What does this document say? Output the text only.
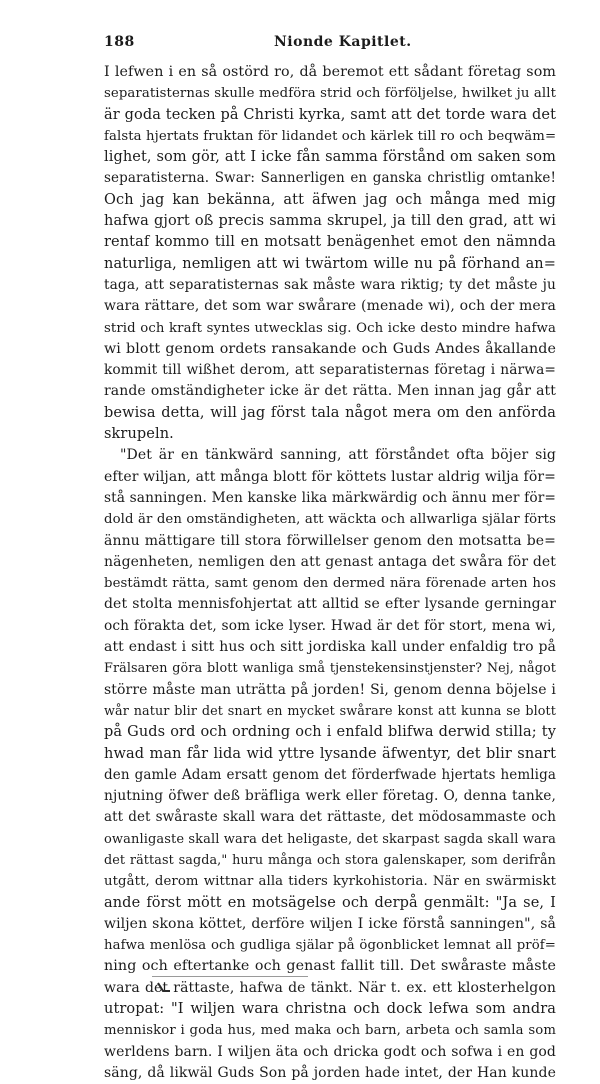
188	Nionde Kapitlet.
I lefwen i en så ostörd ro, då beremot ett sådant företag som
separatisternas skulle medföra strid och förföljelse, hwilket ju allt
är goda tecken på Christi kyrka, samt att det torde wara det
falsta hjertats fruktan för lidandet och kärlek till ro och beqwäm=
lighet, som gör, att I icke fån samma förstånd om saken som
separatisterna. Swar: Sannerligen en ganska christlig omtanke!
Och jag kan bekänna, att äfwen jag och många med mig
hafwa gjort oß precis samma skrupel, ja till den grad, att wi
rentaf kommo till en motsatt benägenhet emot den nämnda
naturliga, nemligen att wi twärtom wille nu på förhand an=
taga, att separatisternas sak måste wara riktig; ty det måste ju
wara rättare, det som war swårare (menade wi), och der mera
strid och kraft syntes utwecklas sig. Och icke desto mindre hafwa
wi blott genom ordets ransakande och Guds Andes åkallande
kommit till wißhet derom, att separatisternas företag i närwa=
rande omständigheter icke är det rätta. Men innan jag går att
bewisa detta, will jag först tala något mera om den anförda
skrupeln.
"Det är en tänkwärd sanning, att förståndet ofta böjer sig
efter wiljan, att många blott för köttets lustar aldrig wilja för=
stå sanningen. Men kanske lika märkwärdig och ännu mer för=
dold är den omständigheten, att wäckta och allwarliga själar förts
ännu mättigare till stora förwillelser genom den motsatta be=
nägenheten, nemligen den att genast antaga det swåra för det
bestämdt rätta, samt genom den dermed nära förenade arten hos
det stolta mennisfohjertat att alltid se efter lysande gerningar
och förakta det, som icke lyser. Hwad är det för stort, mena wi,
att endast i sitt hus och sitt jordiska kall under enfaldig tro på
Frälsaren göra blott wanliga små tjenstekensinstjenster? Nej, något
större måste man uträtta på jorden! Si, genom denna böjelse i
wår natur blir det snart en mycket swårare konst att kunna se blott
på Guds ord och ordning och i enfald blifwa derwid stilla; ty
hwad man får lida wid yttre lysande äfwentyr, det blir snart
den gamle Adam ersatt genom det förderfwade hjertats hemliga
njutning öfwer deß bräfliga werk eller företag. O, denna tanke,
att det swåraste skall wara det rättaste, det mödosammaste och
owanligaste skall wara det heligaste, det skarpast sagda skall wara
det rättast sagda," huru många och stora galenskaper, som derifrån
utgått, derom wittnar alla tiders kyrkohistoria. När en swärmiskt
ande först mött en motsägelse och derpå genmält: "Ja se, I
wiljen skona köttet, derföre wiljen I icke förstå sanningen", så
hafwa menlösa och gudliga själar på ögonblicket lemnat all pröf=
ning och eftertanke och genast fallit till. Det swåraste måste
wara det rättaste, hafwa de tänkt. När t. ex. ett klosterhelgon
utropat: "I wiljen wara christna och dock lefwa som andra
menniskor i goda hus, med maka och barn, arbeta och samla som
werldens barn. I wiljen äta och dricka godt och sofwa i en god
säng, då likwäl Guds Son på jorden hade intet, der Han kunde
